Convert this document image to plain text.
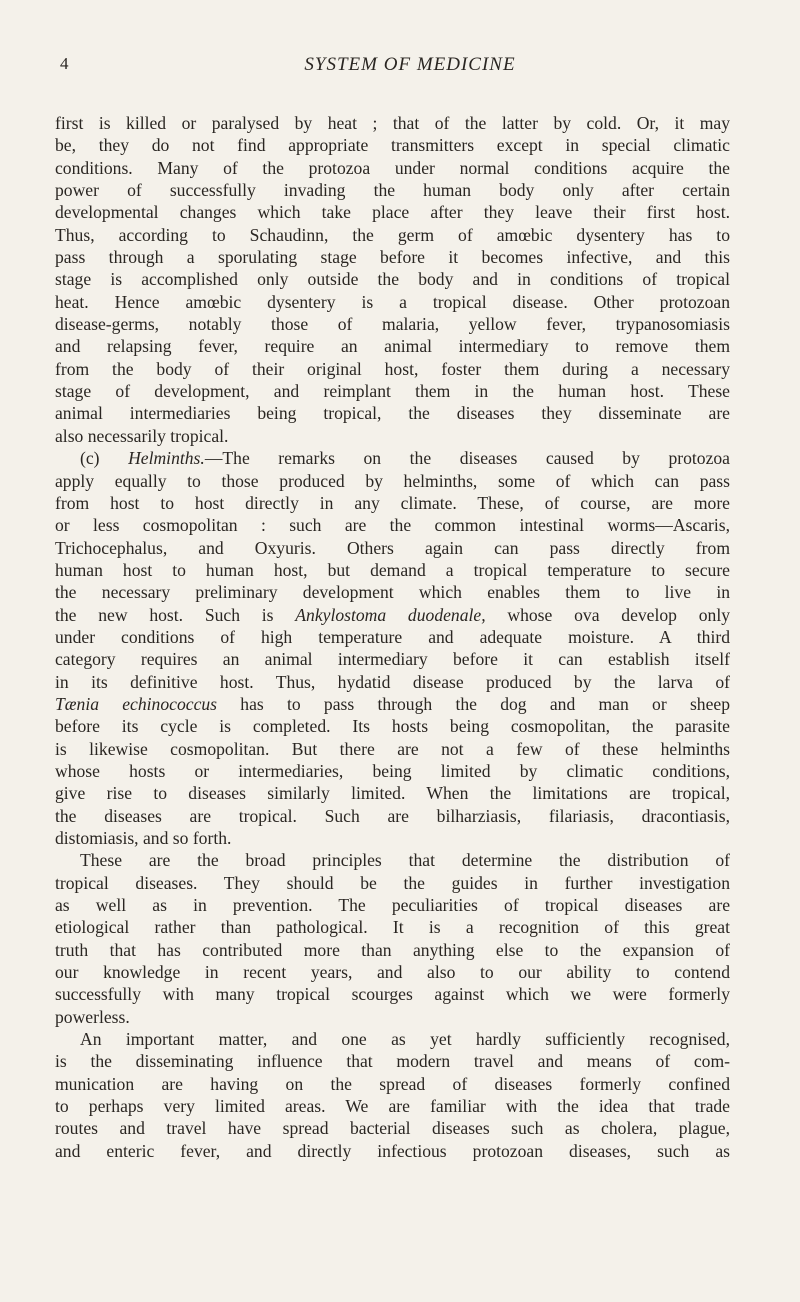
4	SYSTEM OF MEDICINE
first is killed or paralysed by heat ; that of the latter by cold. Or, it may
be, they do not find appropriate transmitters except in special climatic
conditions. Many of the protozoa under normal conditions acquire the
power of successfully invading the human body only after certain
developmental changes which take place after they leave their first host.
Thus, according to Schaudinn, the germ of amœbic dysentery has to
pass through a sporulating stage before it becomes infective, and this
stage is accomplished only outside the body and in conditions of tropical
heat. Hence amœbic dysentery is a tropical disease. Other protozoan
disease-germs, notably those of malaria, yellow fever, trypanosomiasis
and relapsing fever, require an animal intermediary to remove them
from the body of their original host, foster them during a necessary
stage of development, and reimplant them in the human host. These
animal intermediaries being tropical, the diseases they disseminate are
also necessarily tropical.
(c) Helminths.—The remarks on the diseases caused by protozoa
apply equally to those produced by helminths, some of which can pass
from host to host directly in any climate. These, of course, are more
or less cosmopolitan : such are the common intestinal worms—Ascaris,
Trichocephalus, and Oxyuris. Others again can pass directly from
human host to human host, but demand a tropical temperature to secure
the necessary preliminary development which enables them to live in
the new host. Such is Ankylostoma duodenale, whose ova develop only
under conditions of high temperature and adequate moisture. A third
category requires an animal intermediary before it can establish itself
in its definitive host. Thus, hydatid disease produced by the larva of
Tænia echinococcus has to pass through the dog and man or sheep
before its cycle is completed. Its hosts being cosmopolitan, the parasite
is likewise cosmopolitan. But there are not a few of these helminths
whose hosts or intermediaries, being limited by climatic conditions,
give rise to diseases similarly limited. When the limitations are tropical,
the diseases are tropical. Such are bilharziasis, filariasis, dracontiasis,
distomiasis, and so forth.
These are the broad principles that determine the distribution of
tropical diseases. They should be the guides in further investigation
as well as in prevention. The peculiarities of tropical diseases are
etiological rather than pathological. It is a recognition of this great
truth that has contributed more than anything else to the expansion of
our knowledge in recent years, and also to our ability to contend
successfully with many tropical scourges against which we were formerly
powerless.
An important matter, and one as yet hardly sufficiently recognised,
is the disseminating influence that modern travel and means of com-
munication are having on the spread of diseases formerly confined
to perhaps very limited areas. We are familiar with the idea that trade
routes and travel have spread bacterial diseases such as cholera, plague,
and enteric fever, and directly infectious protozoan diseases, such as
